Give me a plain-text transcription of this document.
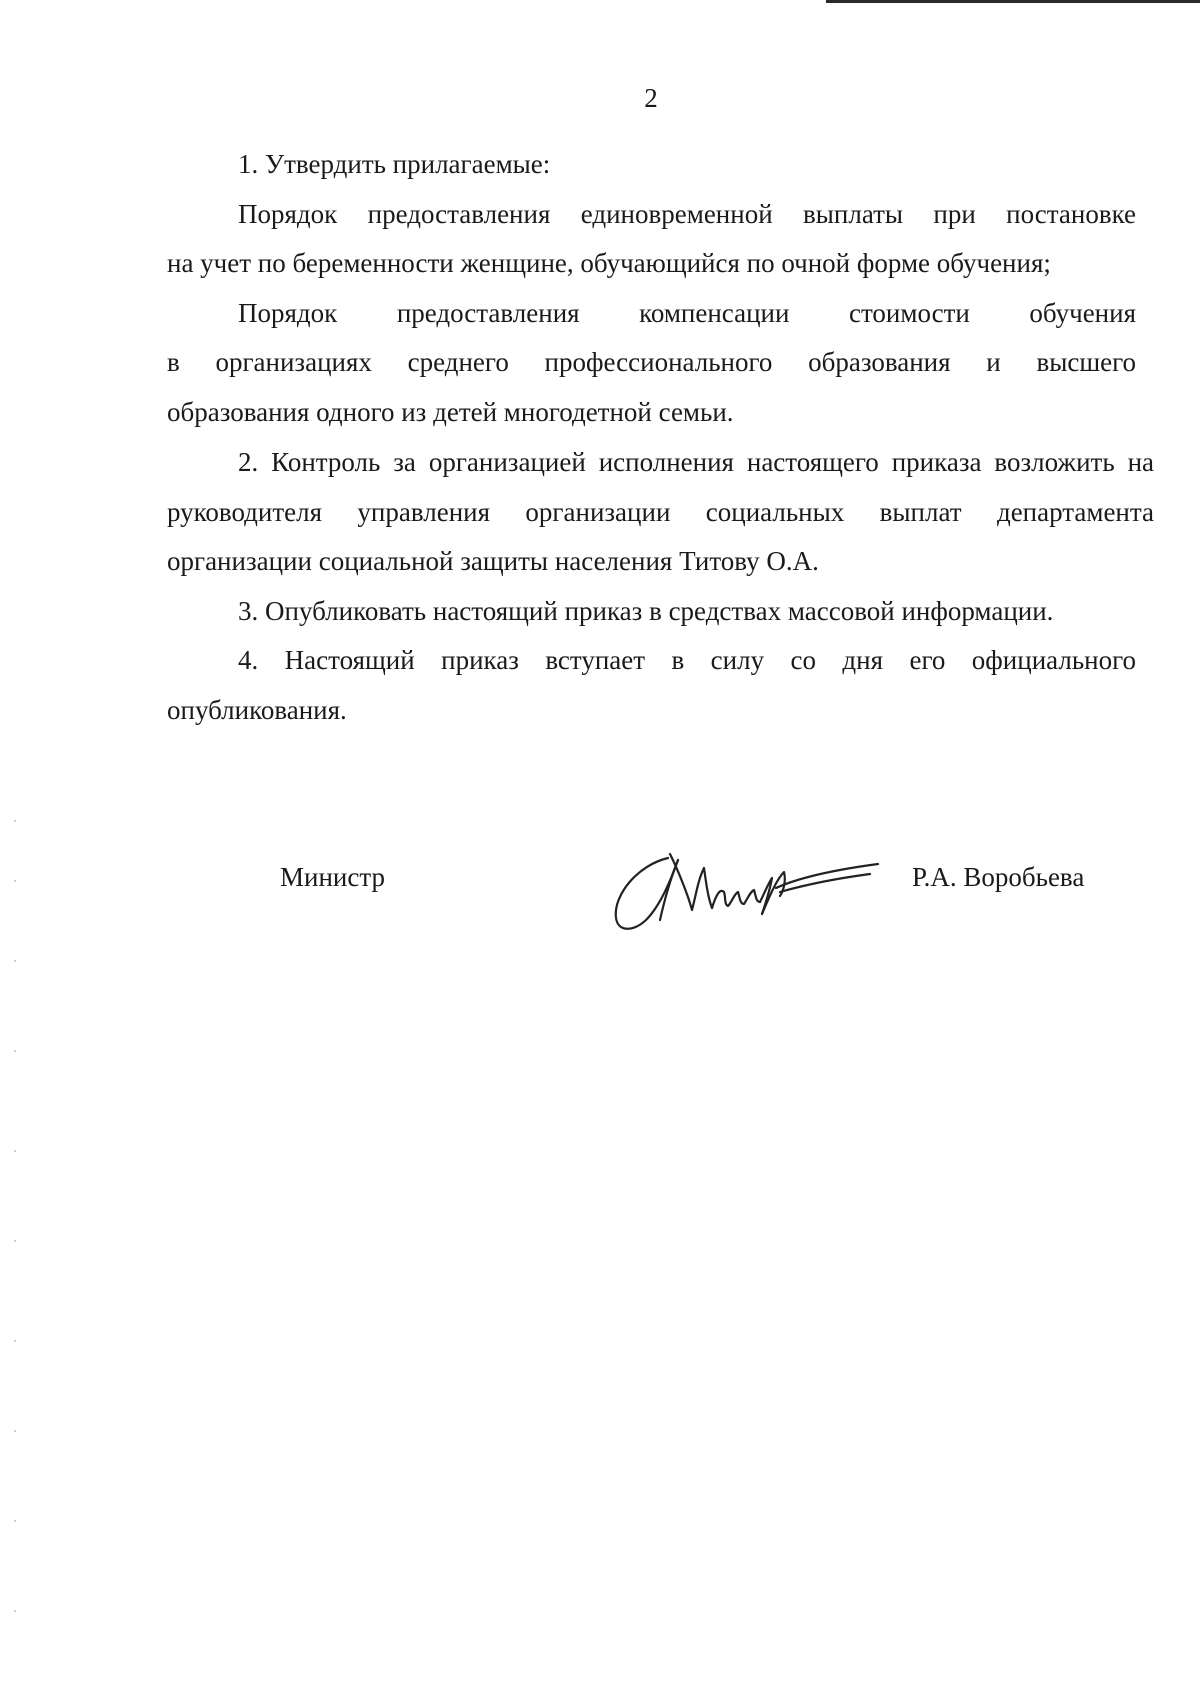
2

1. Утвердить прилагаемые:

Порядок предоставления единовременной выплаты при постановке

на учет по беременности женщине, обучающийся по очной форме обучения;

Порядок предоставления компенсации стоимости обучения

в организациях среднего профессионального образования и высшего

образования одного из детей многодетной семьи.

2. Контроль за организацией исполнения настоящего приказа возложить на руководителя управления организации социальных выплат департамента организации социальной защиты населения Титову О.А.

3. Опубликовать настоящий приказ в средствах массовой информации.

4. Настоящий приказ вступает в силу со дня его официального

опубликования.

Министр	Р.А. Воробьева
